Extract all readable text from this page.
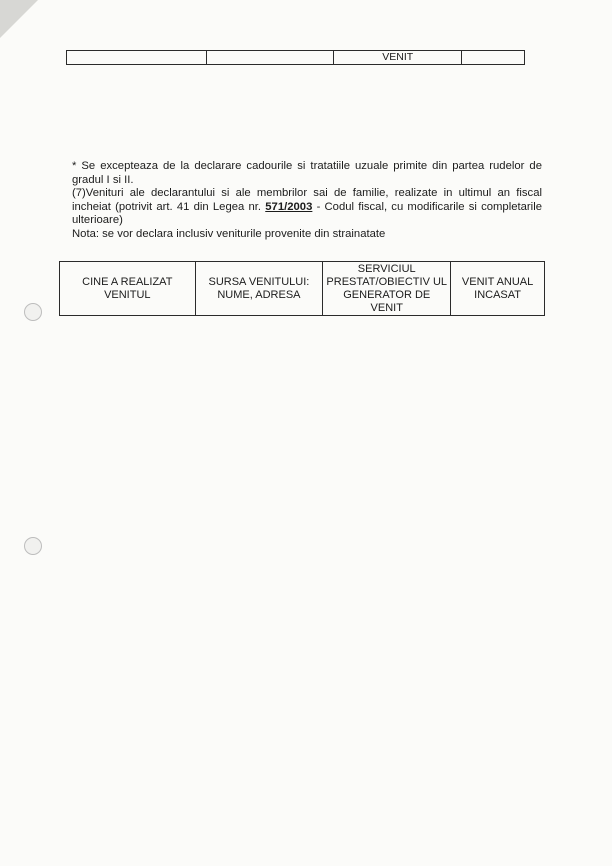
		VENIT	

* Se excepteaza de la declarare cadourile si tratatiile uzuale primite din partea rudelor de gradul I si II.

(7)Venituri ale declarantului si ale membrilor sai de familie, realizate in ultimul an fiscal incheiat (potrivit art. 41 din Legea nr. 571/2003 - Codul fiscal, cu modificarile si completarile ulterioare)

Nota: se vor declara inclusiv veniturile provenite din strainatate

CINE A REALIZAT VENITUL	SURSA VENITULUI: NUME, ADRESA	SERVICIUL PRESTAT/OBIECTIV UL GENERATOR DE VENIT	VENIT ANUAL INCASAT
